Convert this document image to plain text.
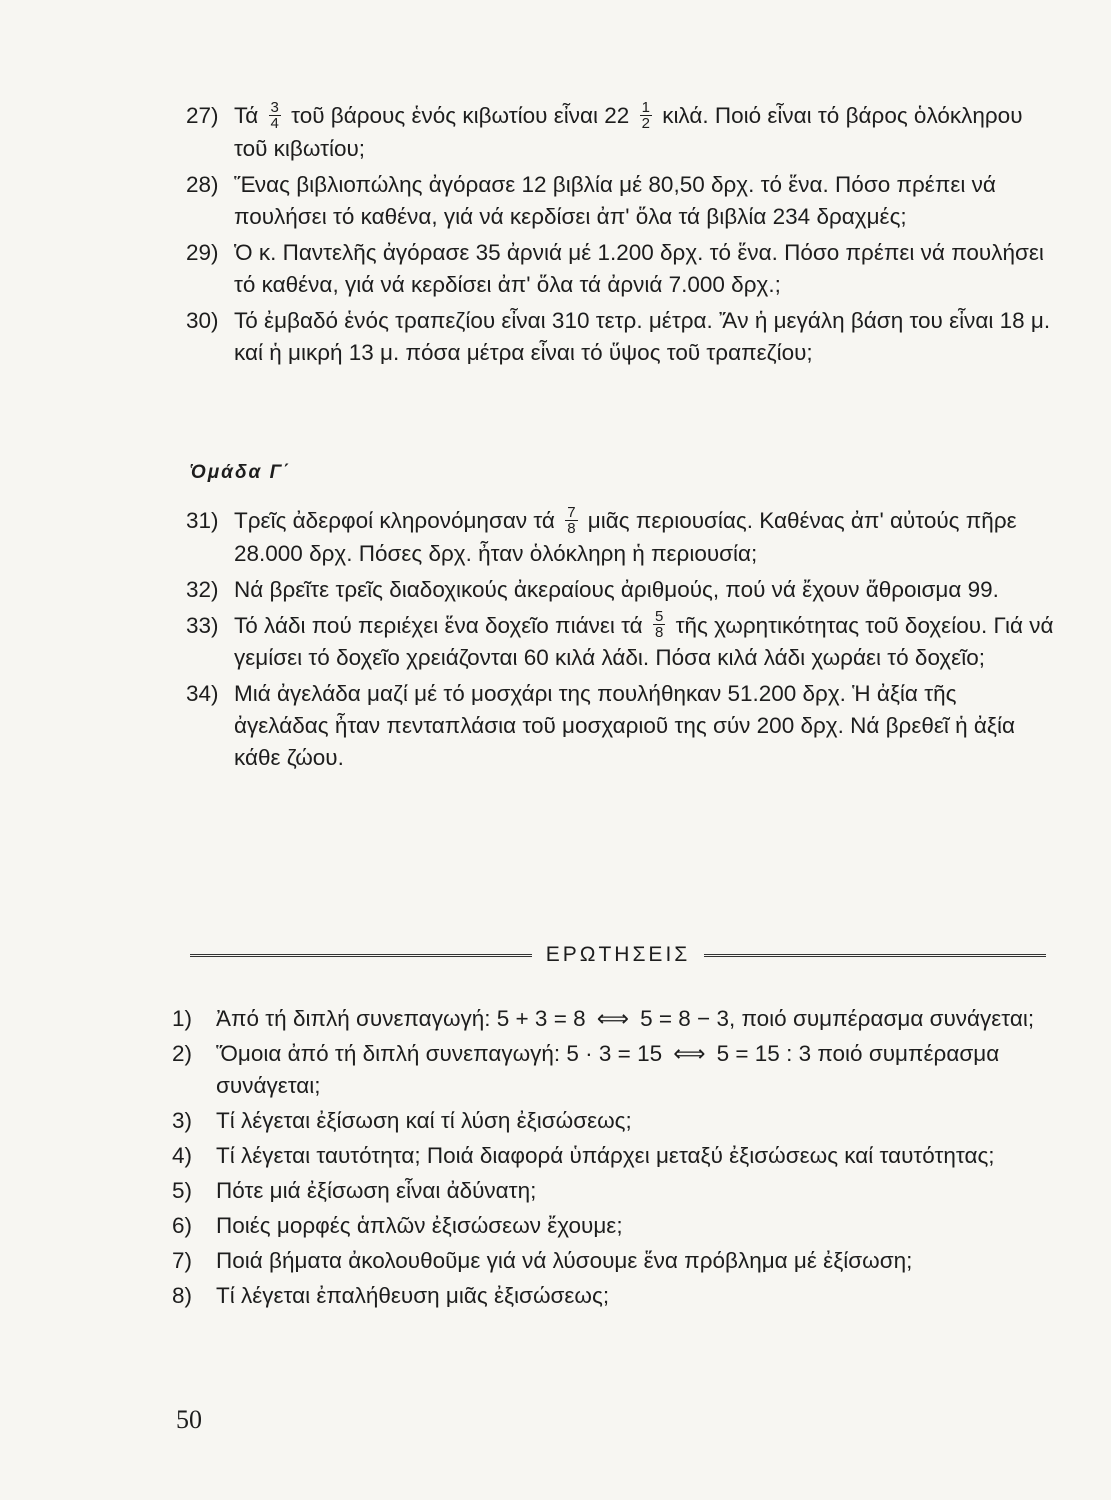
27) Τά $\frac{3}{4}$ τοῦ βάρους ἑνός κιβωτίου εἶναι $22 \frac{1}{2} \kappa\iota\lambda ά$. Ποιό εἶναι τό βάρος ὁλόκληρου τοῦ κιβωτίου;
28) Ἕνας βιβλιοπώλης ἀγόρασε 12 βιβλία μέ 80,50 δρχ. τό ἕνα. Πόσο πρέπει νά πουλήσει τό καθένα, γιά νά κερδίσει ἀπ' ὅλα τά βιβλία 234 δραχμές;
29) Ὁ κ. Παντελῆς ἀγόρασε 35 ἀρνιά μέ 1.200 δρχ. τό ἕνα. Πόσο πρέπει νά πουλήσει τό καθένα, γιά νά κερδίσει ἀπ' ὅλα τά ἀρνιά 7.000 δρχ.;
30) Τό ἐμβαδό ἑνός τραπεζίου εἶναι 310 τετρ. μέτρα. Ἄν ἡ μεγάλη βάση του εἶναι 18 μ. καί ἡ μικρή 13 μ. πόσα μέτρα εἶναι τό ὕψος τοῦ τραπεζίου;
Ὁμάδα Γ΄
31) Τρεῖς ἀδερφοί κληρονόμησαν τά $\frac{7}{8}$ μιᾶς περιουσίας. Καθένας ἀπ' αὐτούς πῆρε 28.000 δρχ. Πόσες δρχ. ἦταν ὁλόκληρη ἡ περιουσία;
32) Νά βρεῖτε τρεῖς διαδοχικούς ἀκεραίους ἀριθμούς, πού νά ἔχουν ἄθροισμα 99.
33) Τό λάδι πού περιέχει ἕνα δοχεῖο πιάνει τά $\frac{5}{8}$ τῆς χωρητικότητας τοῦ δοχείου. Γιά νά γεμίσει τό δοχεῖο χρειάζονται 60 κιλά λάδι. Πόσα κιλά λάδι χωράει τό δοχεῖο;
34) Μιά ἀγελάδα μαζί μέ τό μοσχάρι της πουλήθηκαν 51.200 δρχ. Ἡ ἀξία τῆς ἀγελάδας ἦταν πενταπλάσια τοῦ μοσχαριοῦ της σύν 200 δρχ. Νά βρεθεῖ ἡ ἀξία κάθε ζώου.
ΕΡΩΤΗΣΕΙΣ
1)	Ἀπό τή διπλή συνεπαγωγή: 5 + 3 = 8 ⟺ 5 = 8 − 3, ποιό συμπέρασμα συνάγεται;
2)	Ὅμοια ἀπό τή διπλή συνεπαγωγή: 5 · 3 = 15 ⟺ 5 = 15 : 3 ποιό συμπέρασμα συνάγεται;
3)	Τί λέγεται ἐξίσωση καί τί λύση ἐξισώσεως;
4)	Τί λέγεται ταυτότητα; Ποιά διαφορά ὑπάρχει μεταξύ ἐξισώσεως καί ταυτότητας;
5)	Πότε μιά ἐξίσωση εἶναι ἀδύνατη;
6)	Ποιές μορφές ἁπλῶν ἐξισώσεων ἔχουμε;
7)	Ποιά βήματα ἀκολουθοῦμε γιά νά λύσουμε ἕνα πρόβλημα μέ ἐξίσωση;
8)	Τί λέγεται ἐπαλήθευση μιᾶς ἐξισώσεως;
50
